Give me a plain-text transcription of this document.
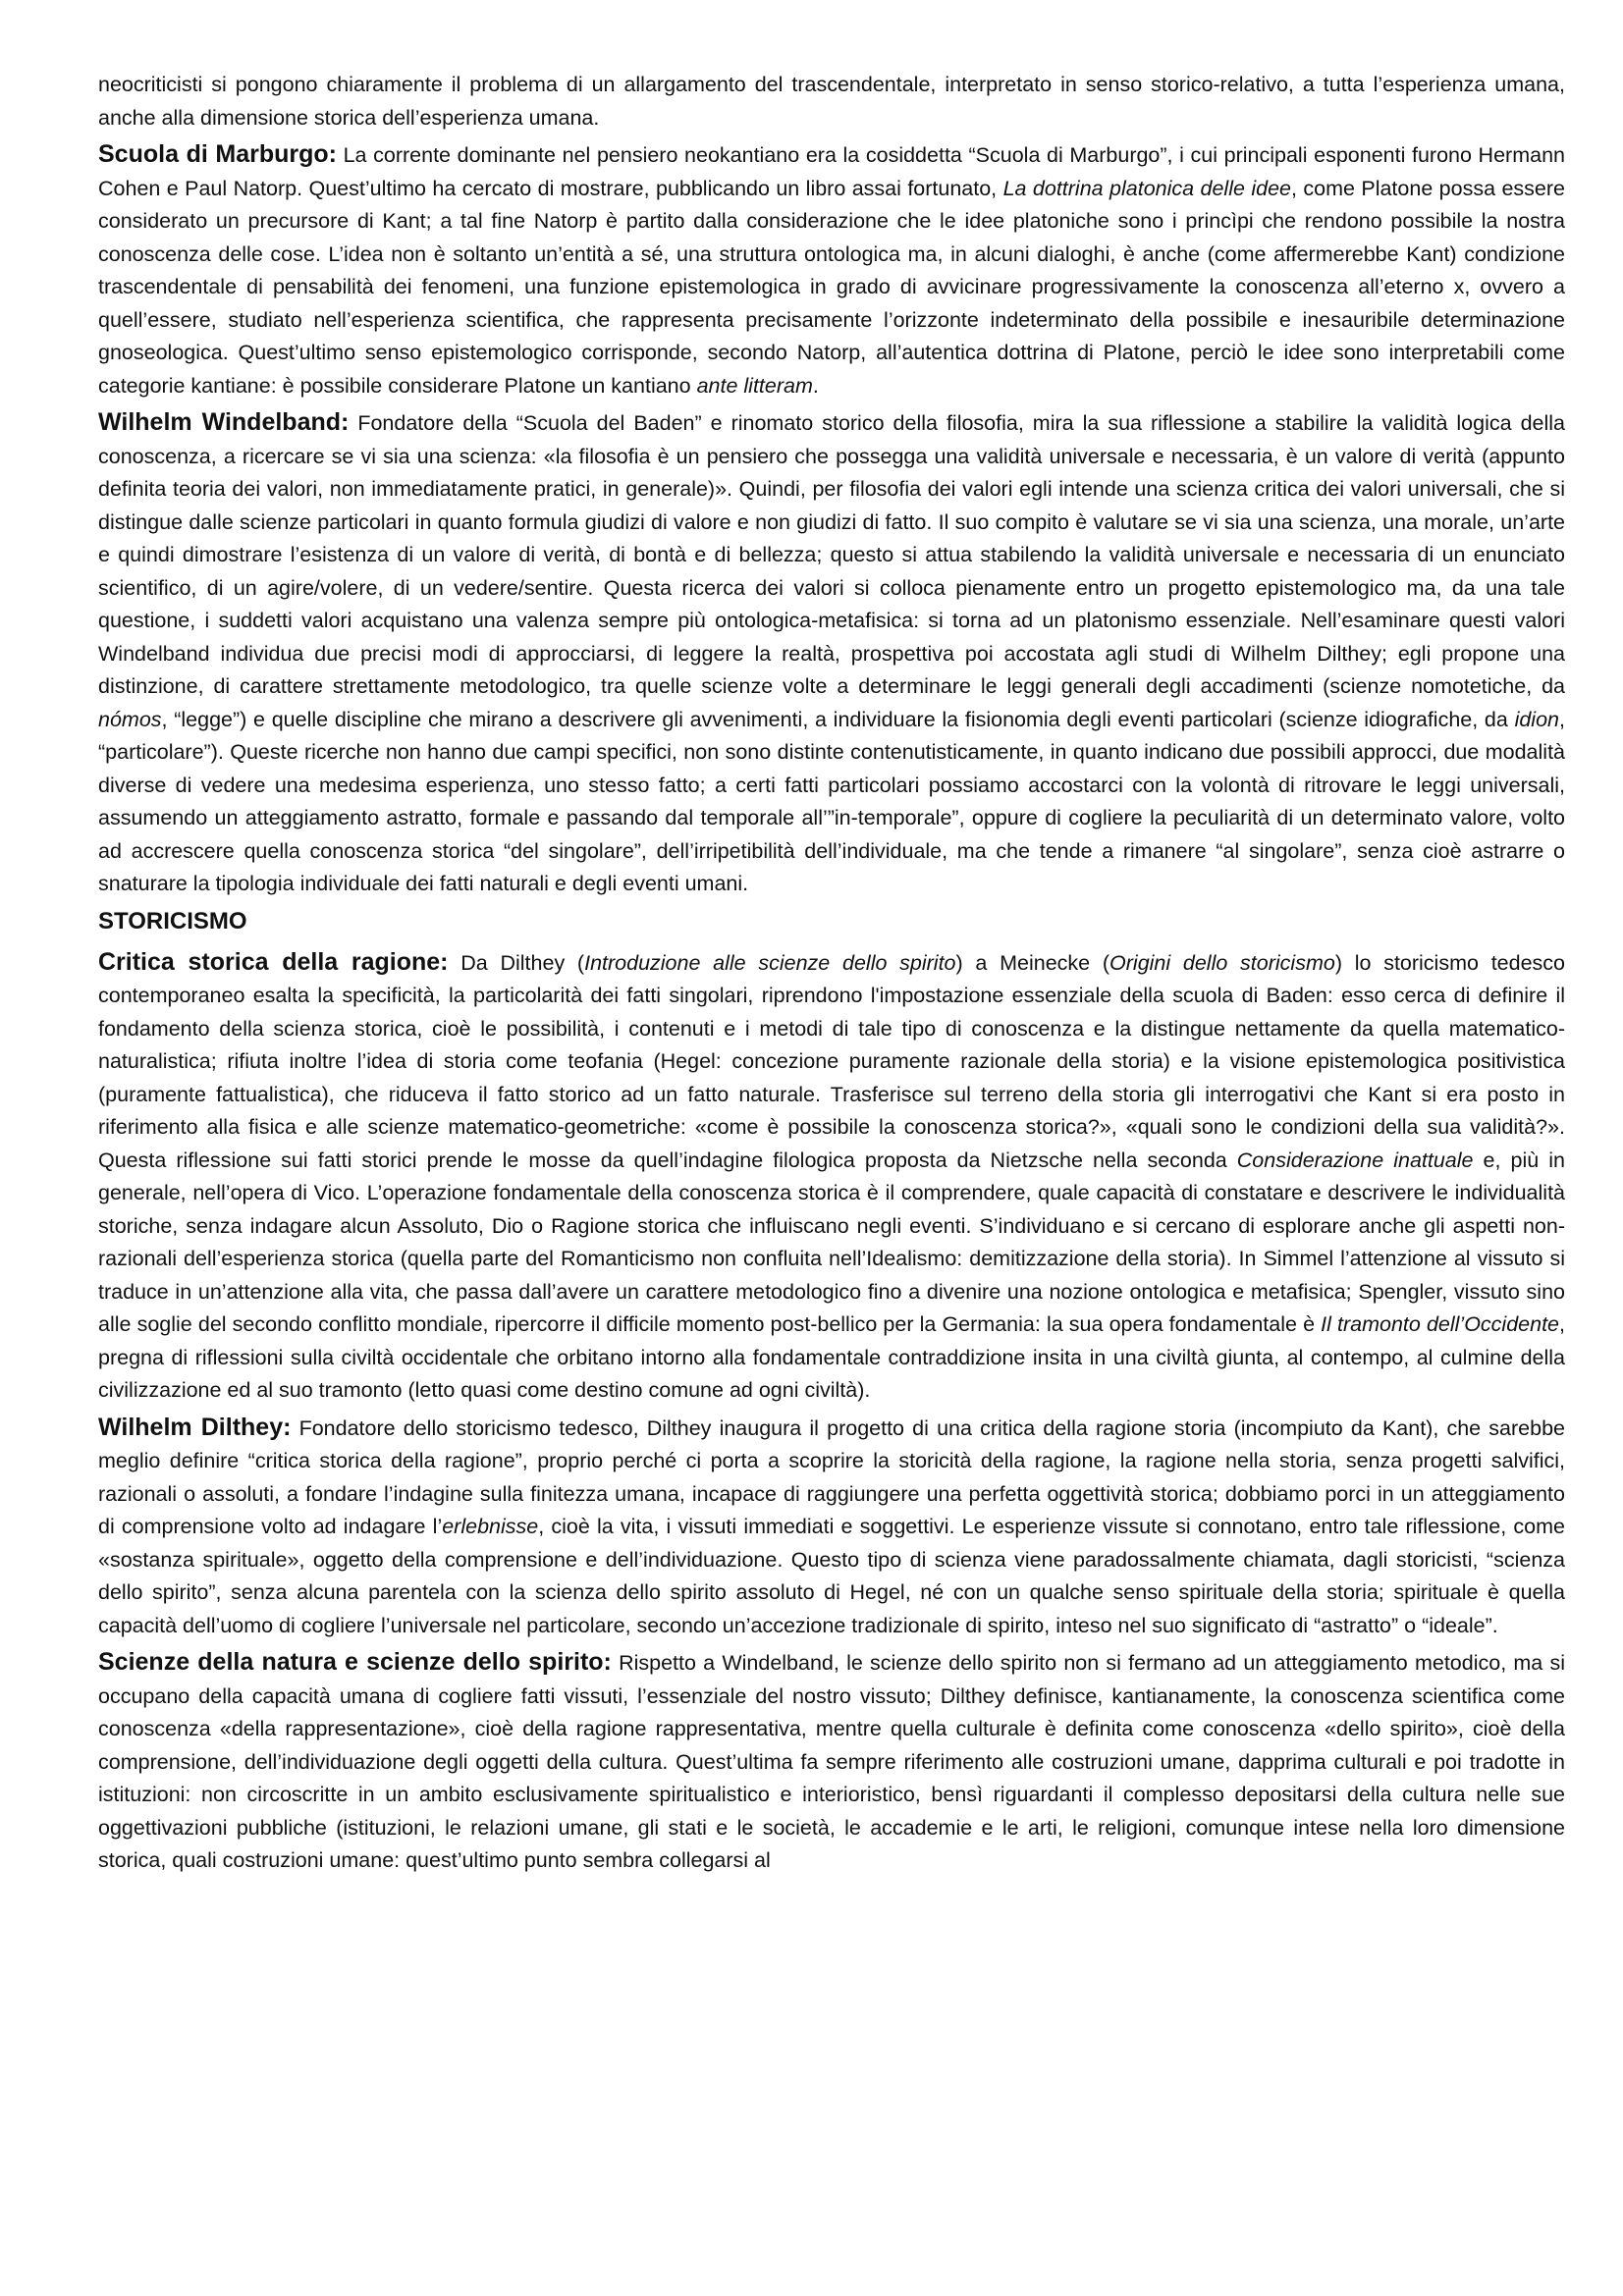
neocriticisti si pongono chiaramente il problema di un allargamento del trascendentale, interpretato in senso storico-relativo, a tutta l’esperienza umana, anche alla dimensione storica dell’esperienza umana.

Scuola di Marburgo: La corrente dominante nel pensiero neokantiano era la cosiddetta “Scuola di Marburgo”, i cui principali esponenti furono Hermann Cohen e Paul Natorp. Quest’ultimo ha cercato di mostrare, pubblicando un libro assai fortunato, La dottrina platonica delle idee, come Platone possa essere considerato un precursore di Kant; a tal fine Natorp è partito dalla considerazione che le idee platoniche sono i princìpi che rendono possibile la nostra conoscenza delle cose. L’idea non è soltanto un’entità a sé, una struttura ontologica ma, in alcuni dialoghi, è anche (come affermerebbe Kant) condizione trascendentale di pensabilità dei fenomeni, una funzione epistemologica in grado di avvicinare progressivamente la conoscenza all’eterno x, ovvero a quell’essere, studiato nell’esperienza scientifica, che rappresenta precisamente l’orizzonte indeterminato della possibile e inesauribile determinazione gnoseologica. Quest’ultimo senso epistemologico corrisponde, secondo Natorp, all’autentica dottrina di Platone, perciò le idee sono interpretabili come categorie kantiane: è possibile considerare Platone un kantiano ante litteram.

Wilhelm Windelband: Fondatore della “Scuola del Baden” e rinomato storico della filosofia, mira la sua riflessione a stabilire la validità logica della conoscenza, a ricercare se vi sia una scienza: «la filosofia è un pensiero che possegga una validità universale e necessaria, è un valore di verità (appunto definita teoria dei valori, non immediatamente pratici, in generale)». Quindi, per filosofia dei valori egli intende una scienza critica dei valori universali, che si distingue dalle scienze particolari in quanto formula giudizi di valore e non giudizi di fatto. Il suo compito è valutare se vi sia una scienza, una morale, un’arte e quindi dimostrare l’esistenza di un valore di verità, di bontà e di bellezza; questo si attua stabilendo la validità universale e necessaria di un enunciato scientifico, di un agire/volere, di un vedere/sentire. Questa ricerca dei valori si colloca pienamente entro un progetto epistemologico ma, da una tale questione, i suddetti valori acquistano una valenza sempre più ontologica-metafisica: si torna ad un platonismo essenziale. Nell’esaminare questi valori Windelband individua due precisi modi di approcciarsi, di leggere la realtà, prospettiva poi accostata agli studi di Wilhelm Dilthey; egli propone una distinzione, di carattere strettamente metodologico, tra quelle scienze volte a determinare le leggi generali degli accadimenti (scienze nomotetiche, da nómos, “legge”) e quelle discipline che mirano a descrivere gli avvenimenti, a individuare la fisionomia degli eventi particolari (scienze idiografiche, da idion, “particolare”). Queste ricerche non hanno due campi specifici, non sono distinte contenutisticamente, in quanto indicano due possibili approcci, due modalità diverse di vedere una medesima esperienza, uno stesso fatto; a certi fatti particolari possiamo accostarci con la volontà di ritrovare le leggi universali, assumendo un atteggiamento astratto, formale e passando dal temporale all’”in-temporale”, oppure di cogliere la peculiarità di un determinato valore, volto ad accrescere quella conoscenza storica “del singolare”, dell’irripetibilità dell’individuale, ma che tende a rimanere “al singolare”, senza cioè astrarre o snaturare la tipologia individuale dei fatti naturali e degli eventi umani.

STORICISMO

Critica storica della ragione: Da Dilthey (Introduzione alle scienze dello spirito) a Meinecke (Origini dello storicismo) lo storicismo tedesco contemporaneo esalta la specificità, la particolarità dei fatti singolari, riprendono l'impostazione essenziale della scuola di Baden: esso cerca di definire il fondamento della scienza storica, cioè le possibilità, i contenuti e i metodi di tale tipo di conoscenza e la distingue nettamente da quella matematico-naturalistica; rifiuta inoltre l’idea di storia come teofania (Hegel: concezione puramente razionale della storia) e la visione epistemologica positivistica (puramente fattualistica), che riduceva il fatto storico ad un fatto naturale. Trasferisce sul terreno della storia gli interrogativi che Kant si era posto in riferimento alla fisica e alle scienze matematico-geometriche: «come è possibile la conoscenza storica?», «quali sono le condizioni della sua validità?». Questa riflessione sui fatti storici prende le mosse da quell’indagine filologica proposta da Nietzsche nella seconda Considerazione inattuale e, più in generale, nell’opera di Vico. L’operazione fondamentale della conoscenza storica è il comprendere, quale capacità di constatare e descrivere le individualità storiche, senza indagare alcun Assoluto, Dio o Ragione storica che influiscano negli eventi. S’individuano e si cercano di esplorare anche gli aspetti non-razionali dell’esperienza storica (quella parte del Romanticismo non confluita nell’Idealismo: demitizzazione della storia). In Simmel l’attenzione al vissuto si traduce in un’attenzione alla vita, che passa dall’avere un carattere metodologico fino a divenire una nozione ontologica e metafisica; Spengler, vissuto sino alle soglie del secondo conflitto mondiale, ripercorre il difficile momento post-bellico per la Germania: la sua opera fondamentale è Il tramonto dell’Occidente, pregna di riflessioni sulla civiltà occidentale che orbitano intorno alla fondamentale contraddizione insita in una civiltà giunta, al contempo, al culmine della civilizzazione ed al suo tramonto (letto quasi come destino comune ad ogni civiltà).

Wilhelm Dilthey: Fondatore dello storicismo tedesco, Dilthey inaugura il progetto di una critica della ragione storia (incompiuto da Kant), che sarebbe meglio definire “critica storica della ragione”, proprio perché ci porta a scoprire la storicità della ragione, la ragione nella storia, senza progetti salvifici, razionali o assoluti, a fondare l’indagine sulla finitezza umana, incapace di raggiungere una perfetta oggettività storica; dobbiamo porci in un atteggiamento di comprensione volto ad indagare l’erlebnisse, cioè la vita, i vissuti immediati e soggettivi. Le esperienze vissute si connotano, entro tale riflessione, come «sostanza spirituale», oggetto della comprensione e dell’individuazione. Questo tipo di scienza viene paradossalmente chiamata, dagli storicisti, “scienza dello spirito”, senza alcuna parentela con la scienza dello spirito assoluto di Hegel, né con un qualche senso spirituale della storia; spirituale è quella capacità dell’uomo di cogliere l’universale nel particolare, secondo un’accezione tradizionale di spirito, inteso nel suo significato di “astratto” o “ideale”.

Scienze della natura e scienze dello spirito: Rispetto a Windelband, le scienze dello spirito non si fermano ad un atteggiamento metodico, ma si occupano della capacità umana di cogliere fatti vissuti, l’essenziale del nostro vissuto; Dilthey definisce, kantianamente, la conoscenza scientifica come conoscenza «della rappresentazione», cioè della ragione rappresentativa, mentre quella culturale è definita come conoscenza «dello spirito», cioè della comprensione, dell’individuazione degli oggetti della cultura. Quest’ultima fa sempre riferimento alle costruzioni umane, dapprima culturali e poi tradotte in istituzioni: non circoscritte in un ambito esclusivamente spiritualistico e interioristico, bensì riguardanti il complesso depositarsi della cultura nelle sue oggettivazioni pubbliche (istituzioni, le relazioni umane, gli stati e le società, le accademie e le arti, le religioni, comunque intese nella loro dimensione storica, quali costruzioni umane: quest’ultimo punto sembra collegarsi al
